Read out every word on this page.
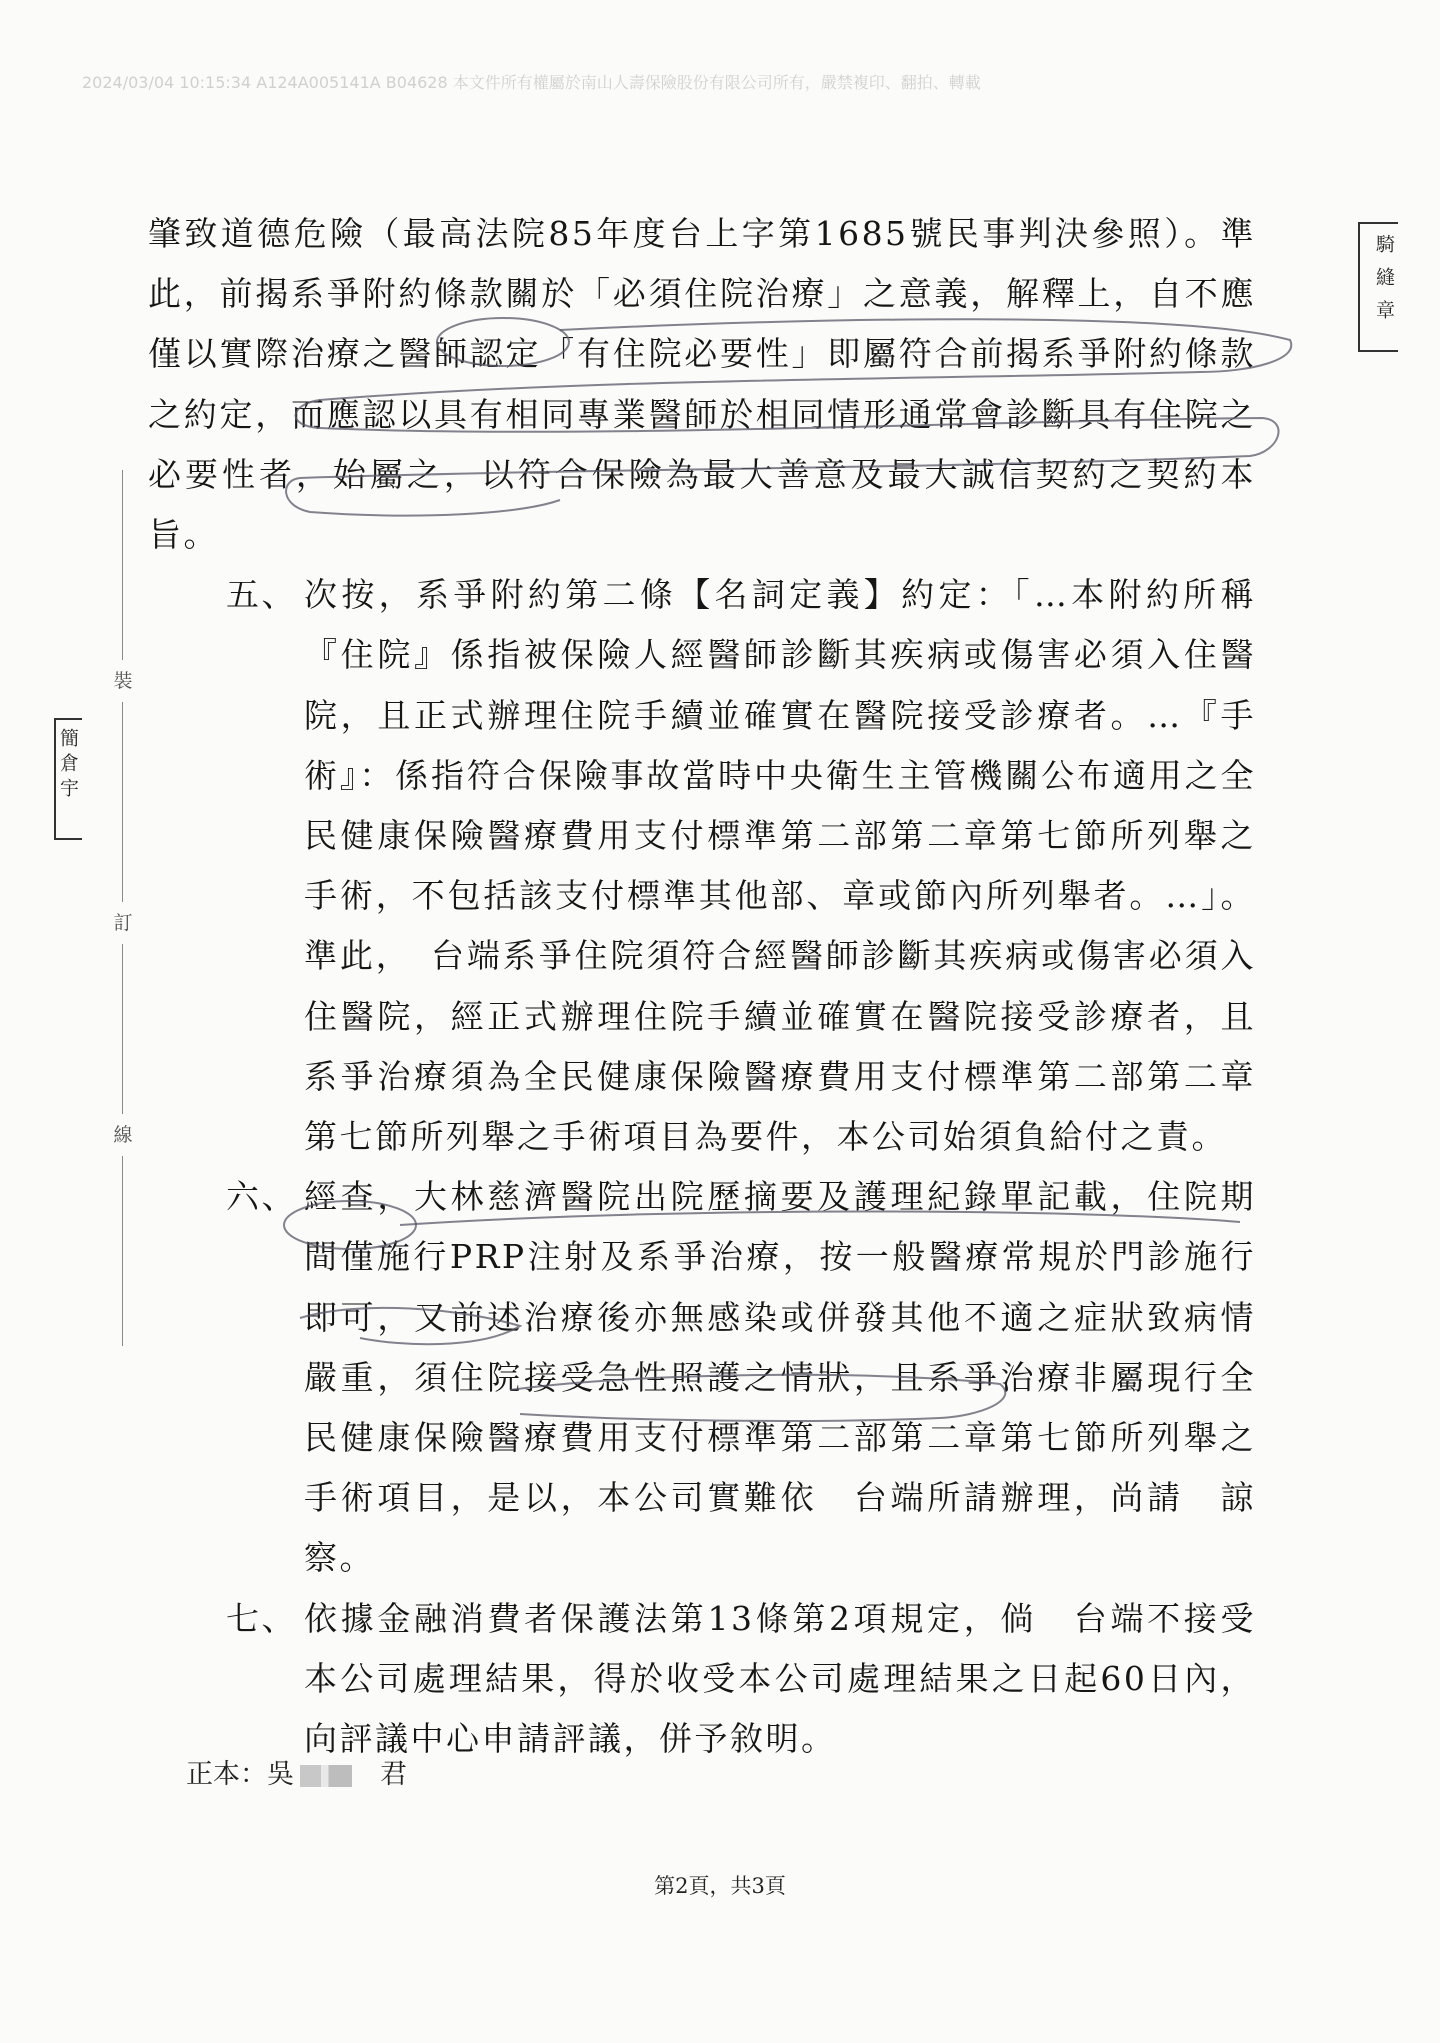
2024/03/04 10:15:34 A124A005141A B04628 本文件所有權屬於南山人壽保險股份有限公司所有，嚴禁複印、翻拍、轉載
騎縫章
裝
訂
線
簡倉宇

肇致道德危險（最高法院85年度台上字第1685號民事判決參照）。準此，前揭系爭附約條款關於「必須住院治療」之意義，解釋上，自不應僅以實際治療之醫師認定「有住院必要性」即屬符合前揭系爭附約條款之約定，而應認以具有相同專業醫師於相同情形通常會診斷具有住院之必要性者，始屬之，以符合保險為最大善意及最大誠信契約之契約本旨。

五、 次按，系爭附約第二條【名詞定義】約定：「…本附約所稱『住院』係指被保險人經醫師診斷其疾病或傷害必須入住醫院，且正式辦理住院手續並確實在醫院接受診療者。…『手術』：係指符合保險事故當時中央衛生主管機關公布適用之全民健康保險醫療費用支付標準第二部第二章第七節所列舉之手術，不包括該支付標準其他部、章或節內所列舉者。…」。準此，　台端系爭住院須符合經醫師診斷其疾病或傷害必須入住醫院，經正式辦理住院手續並確實在醫院接受診療者，且系爭治療須為全民健康保險醫療費用支付標準第二部第二章第七節所列舉之手術項目為要件，本公司始須負給付之責。
六、 經查，大林慈濟醫院出院歷摘要及護理紀錄單記載，住院期間僅施行PRP注射及系爭治療，按一般醫療常規於門診施行即可，又前述治療後亦無感染或併發其他不適之症狀致病情嚴重，須住院接受急性照護之情狀，且系爭治療非屬現行全民健康保險醫療費用支付標準第二部第二章第七節所列舉之手術項目，是以，本公司實難依　台端所請辦理，尚請　諒察。
七、 依據金融消費者保護法第13條第2項規定，倘　台端不接受本公司處理結果，得於收受本公司處理結果之日起60日內，向評議中心申請評議，併予敘明。
正本：吳	君
第2頁，共3頁
